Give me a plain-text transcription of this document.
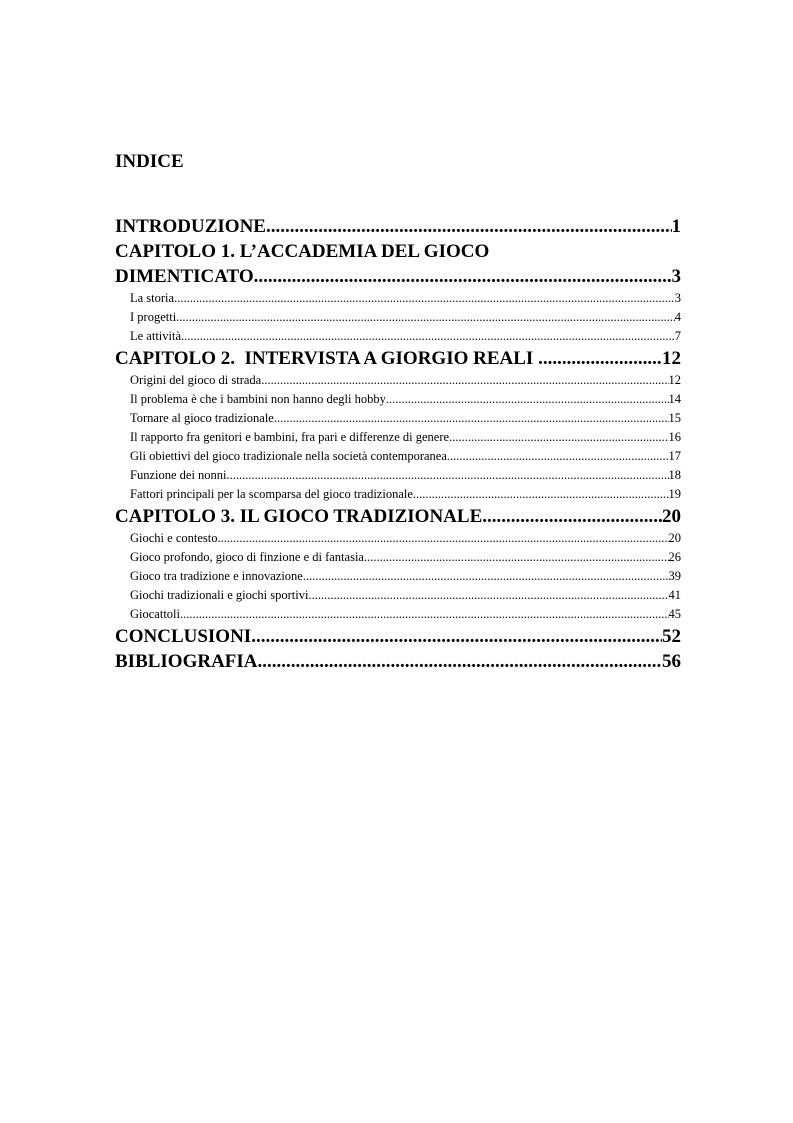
INDICE
INTRODUZIONE .....	1
CAPITOLO 1. L’ACCADEMIA DEL GIOCO
DIMENTICATO .....	3
La storia .....	3
I progetti .....	4
Le attività .....	7
CAPITOLO 2.  INTERVISTA A GIORGIO REALI .....	12
Origini del gioco di strada .....	12
Il problema è che i bambini non hanno degli hobby .....	14
Tornare al gioco tradizionale .....	15
Il rapporto fra genitori e bambini, fra pari e differenze di genere .....	16
Gli obiettivi del gioco tradizionale nella società contemporanea .....	17
Funzione dei nonni .....	18
Fattori principali per la scomparsa del gioco tradizionale .....	19
CAPITOLO 3. IL GIOCO TRADIZIONALE .....	20
Giochi e contesto .....	20
Gioco profondo, gioco di finzione e di fantasia .....	26
Gioco tra tradizione e innovazione .....	39
Giochi tradizionali e giochi sportivi .....	41
Giocattoli .....	45
CONCLUSIONI .....	52
BIBLIOGRAFIA .....	56
